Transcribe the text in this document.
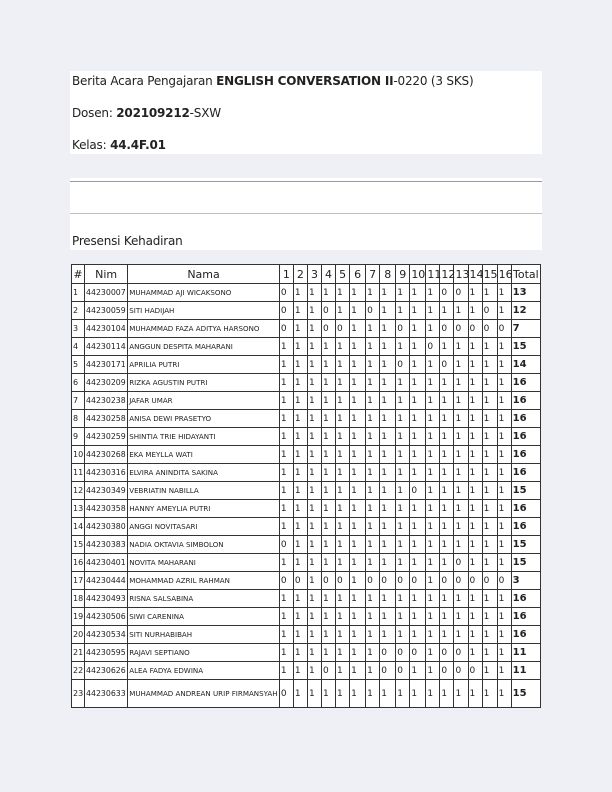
Berita Acara Pengajaran ENGLISH CONVERSATION II-0220 (3 SKS)
Dosen: 202109212-SXW
Kelas: 44.4F.01
Presensi Kehadiran
#	Nim	Nama	1	2	3	4	5	6	7	8	9	10	11	12	13	14	15	16	Total
1	44230007	MUHAMMAD AJI WICAKSONO	0	1	1	1	1	1	1	1	1	1	1	0	0	1	1	1	13
2	44230059	SITI HADIJAH	0	1	1	0	1	1	0	1	1	1	1	1	1	1	0	1	12
3	44230104	MUHAMMAD FAZA ADITYA HARSONO	0	1	1	0	0	1	1	1	0	1	1	0	0	0	0	0	7
4	44230114	ANGGUN DESPITA MAHARANI	1	1	1	1	1	1	1	1	1	1	0	1	1	1	1	1	15
5	44230171	APRILIA PUTRI	1	1	1	1	1	1	1	1	0	1	1	0	1	1	1	1	14
6	44230209	RIZKA AGUSTIN PUTRI	1	1	1	1	1	1	1	1	1	1	1	1	1	1	1	1	16
7	44230238	JAFAR UMAR	1	1	1	1	1	1	1	1	1	1	1	1	1	1	1	1	16
8	44230258	ANISA DEWI PRASETYO	1	1	1	1	1	1	1	1	1	1	1	1	1	1	1	1	16
9	44230259	SHINTIA TRIE HIDAYANTI	1	1	1	1	1	1	1	1	1	1	1	1	1	1	1	1	16
10	44230268	EKA MEYLLA WATI	1	1	1	1	1	1	1	1	1	1	1	1	1	1	1	1	16
11	44230316	ELVIRA ANINDITA SAKINA	1	1	1	1	1	1	1	1	1	1	1	1	1	1	1	1	16
12	44230349	VEBRIATIN NABILLA	1	1	1	1	1	1	1	1	1	0	1	1	1	1	1	1	15
13	44230358	HANNY AMEYLIA PUTRI	1	1	1	1	1	1	1	1	1	1	1	1	1	1	1	1	16
14	44230380	ANGGI NOVITASARI	1	1	1	1	1	1	1	1	1	1	1	1	1	1	1	1	16
15	44230383	NADIA OKTAVIA SIMBOLON	0	1	1	1	1	1	1	1	1	1	1	1	1	1	1	1	15
16	44230401	NOVITA MAHARANI	1	1	1	1	1	1	1	1	1	1	1	1	0	1	1	1	15
17	44230444	MOHAMMAD AZRIL RAHMAN	0	0	1	0	0	1	0	0	0	0	1	0	0	0	0	0	3
18	44230493	RISNA SALSABINA	1	1	1	1	1	1	1	1	1	1	1	1	1	1	1	1	16
19	44230506	SIWI CARENINA	1	1	1	1	1	1	1	1	1	1	1	1	1	1	1	1	16
20	44230534	SITI NURHABIBAH	1	1	1	1	1	1	1	1	1	1	1	1	1	1	1	1	16
21	44230595	RAJAVI SEPTIANO	1	1	1	1	1	1	1	0	0	0	1	0	0	1	1	1	11
22	44230626	ALEA FADYA EDWINA	1	1	1	0	1	1	1	0	0	1	1	0	0	0	1	1	11
23	44230633	MUHAMMAD ANDREAN URIP FIRMANSYAH	0	1	1	1	1	1	1	1	1	1	1	1	1	1	1	1	15
